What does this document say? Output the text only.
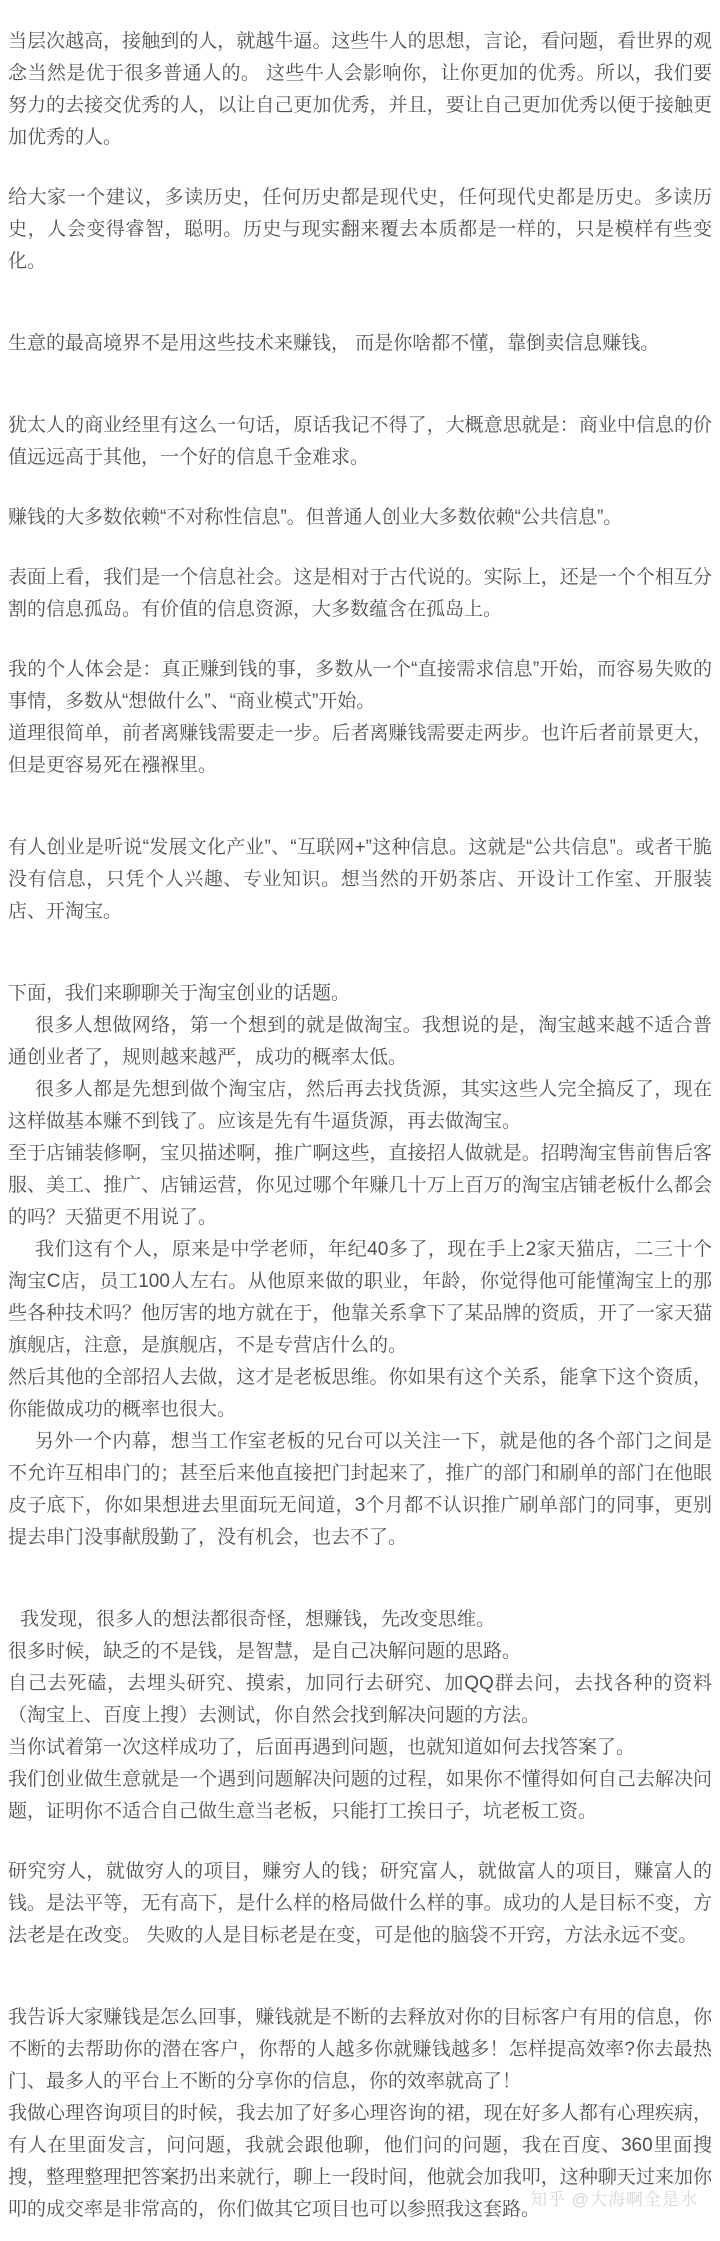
当层次越高，接触到的人，就越牛逼。这些牛人的思想，言论，看问题，看世界的观念当然是优于很多普通人的。 这些牛人会影响你，让你更加的优秀。所以，我们要努力的去接交优秀的人，以让自己更加优秀，并且，要让自己更加优秀以便于接触更加优秀的人。

给大家一个建议，多读历史，任何历史都是现代史，任何现代史都是历史。多读历史，人会变得睿智，聪明。历史与现实翻来覆去本质都是一样的，只是模样有些变化。

生意的最高境界不是用这些技术来赚钱， 而是你啥都不懂，靠倒卖信息赚钱。

犹太人的商业经里有这么一句话，原话我记不得了，大概意思就是：商业中信息的价值远远高于其他，一个好的信息千金难求。

赚钱的大多数依赖“不对称性信息”。但普通人创业大多数依赖“公共信息”。

表面上看，我们是一个信息社会。这是相对于古代说的。实际上，还是一个个相互分割的信息孤岛。有价值的信息资源，大多数蕴含在孤岛上。

我的个人体会是：真正赚到钱的事，多数从一个“直接需求信息”开始，而容易失败的事情，多数从“想做什么”、“商业模式”开始。

道理很简单，前者离赚钱需要走一步。后者离赚钱需要走两步。也许后者前景更大，但是更容易死在襁褓里。

有人创业是听说“发展文化产业”、“互联网+”这种信息。这就是“公共信息”。或者干脆没有信息，只凭个人兴趣、专业知识。想当然的开奶茶店、开设计工作室、开服装店、开淘宝。

下面，我们来聊聊关于淘宝创业的话题。

很多人想做网络，第一个想到的就是做淘宝。我想说的是，淘宝越来越不适合普通创业者了，规则越来越严，成功的概率太低。

很多人都是先想到做个淘宝店，然后再去找货源，其实这些人完全搞反了，现在这样做基本赚不到钱了。应该是先有牛逼货源，再去做淘宝。

至于店铺装修啊，宝贝描述啊，推广啊这些，直接招人做就是。招聘淘宝售前售后客服、美工、推广、店铺运营，你见过哪个年赚几十万上百万的淘宝店铺老板什么都会的吗？天猫更不用说了。

我们这有个人，原来是中学老师，年纪40多了，现在手上2家天猫店，二三十个淘宝C店，员工100人左右。从他原来做的职业，年龄，你觉得他可能懂淘宝上的那些各种技术吗？他厉害的地方就在于，他靠关系拿下了某品牌的资质，开了一家天猫旗舰店，注意，是旗舰店，不是专营店什么的。

然后其他的全部招人去做，这才是老板思维。你如果有这个关系，能拿下这个资质，你能做成功的概率也很大。

另外一个内幕，想当工作室老板的兄台可以关注一下，就是他的各个部门之间是不允许互相串门的；甚至后来他直接把门封起来了，推广的部门和刷单的部门在他眼皮子底下，你如果想进去里面玩无间道，3个月都不认识推广刷单部门的同事，更别提去串门没事献殷勤了，没有机会，也去不了。

我发现，很多人的想法都很奇怪，想赚钱，先改变思维。

很多时候，缺乏的不是钱，是智慧，是自己决解问题的思路。

自己去死磕，去埋头研究、摸索，加同行去研究、加QQ群去问，去找各种的资料（淘宝上、百度上搜）去测试，你自然会找到解决问题的方法。

当你试着第一次这样成功了，后面再遇到问题，也就知道如何去找答案了。

我们创业做生意就是一个遇到问题解决问题的过程，如果你不懂得如何自己去解决问题，证明你不适合自己做生意当老板，只能打工挨日子，坑老板工资。

研究穷人，就做穷人的项目，赚穷人的钱；研究富人，就做富人的项目，赚富人的钱。是法平等，无有高下，是什么样的格局做什么样的事。成功的人是目标不变，方法老是在改变。 失败的人是目标老是在变，可是他的脑袋不开窍，方法永远不变。

我告诉大家赚钱是怎么回事，赚钱就是不断的去释放对你的目标客户有用的信息，你不断的去帮助你的潜在客户，你帮的人越多你就赚钱越多！怎样提高效率?你去最热门、最多人的平台上不断的分享你的信息，你的效率就高了！

我做心理咨询项目的时候，我去加了好多心理咨询的裙，现在好多人都有心理疾病，有人在里面发言，问问题，我就会跟他聊，他们问的问题，我在百度、360里面搜搜，整理整理把答案扔出来就行，聊上一段时间，他就会加我叩，这种聊天过来加你叩的成交率是非常高的，你们做其它项目也可以参照我这套路。

知乎 @大海啊全是水
